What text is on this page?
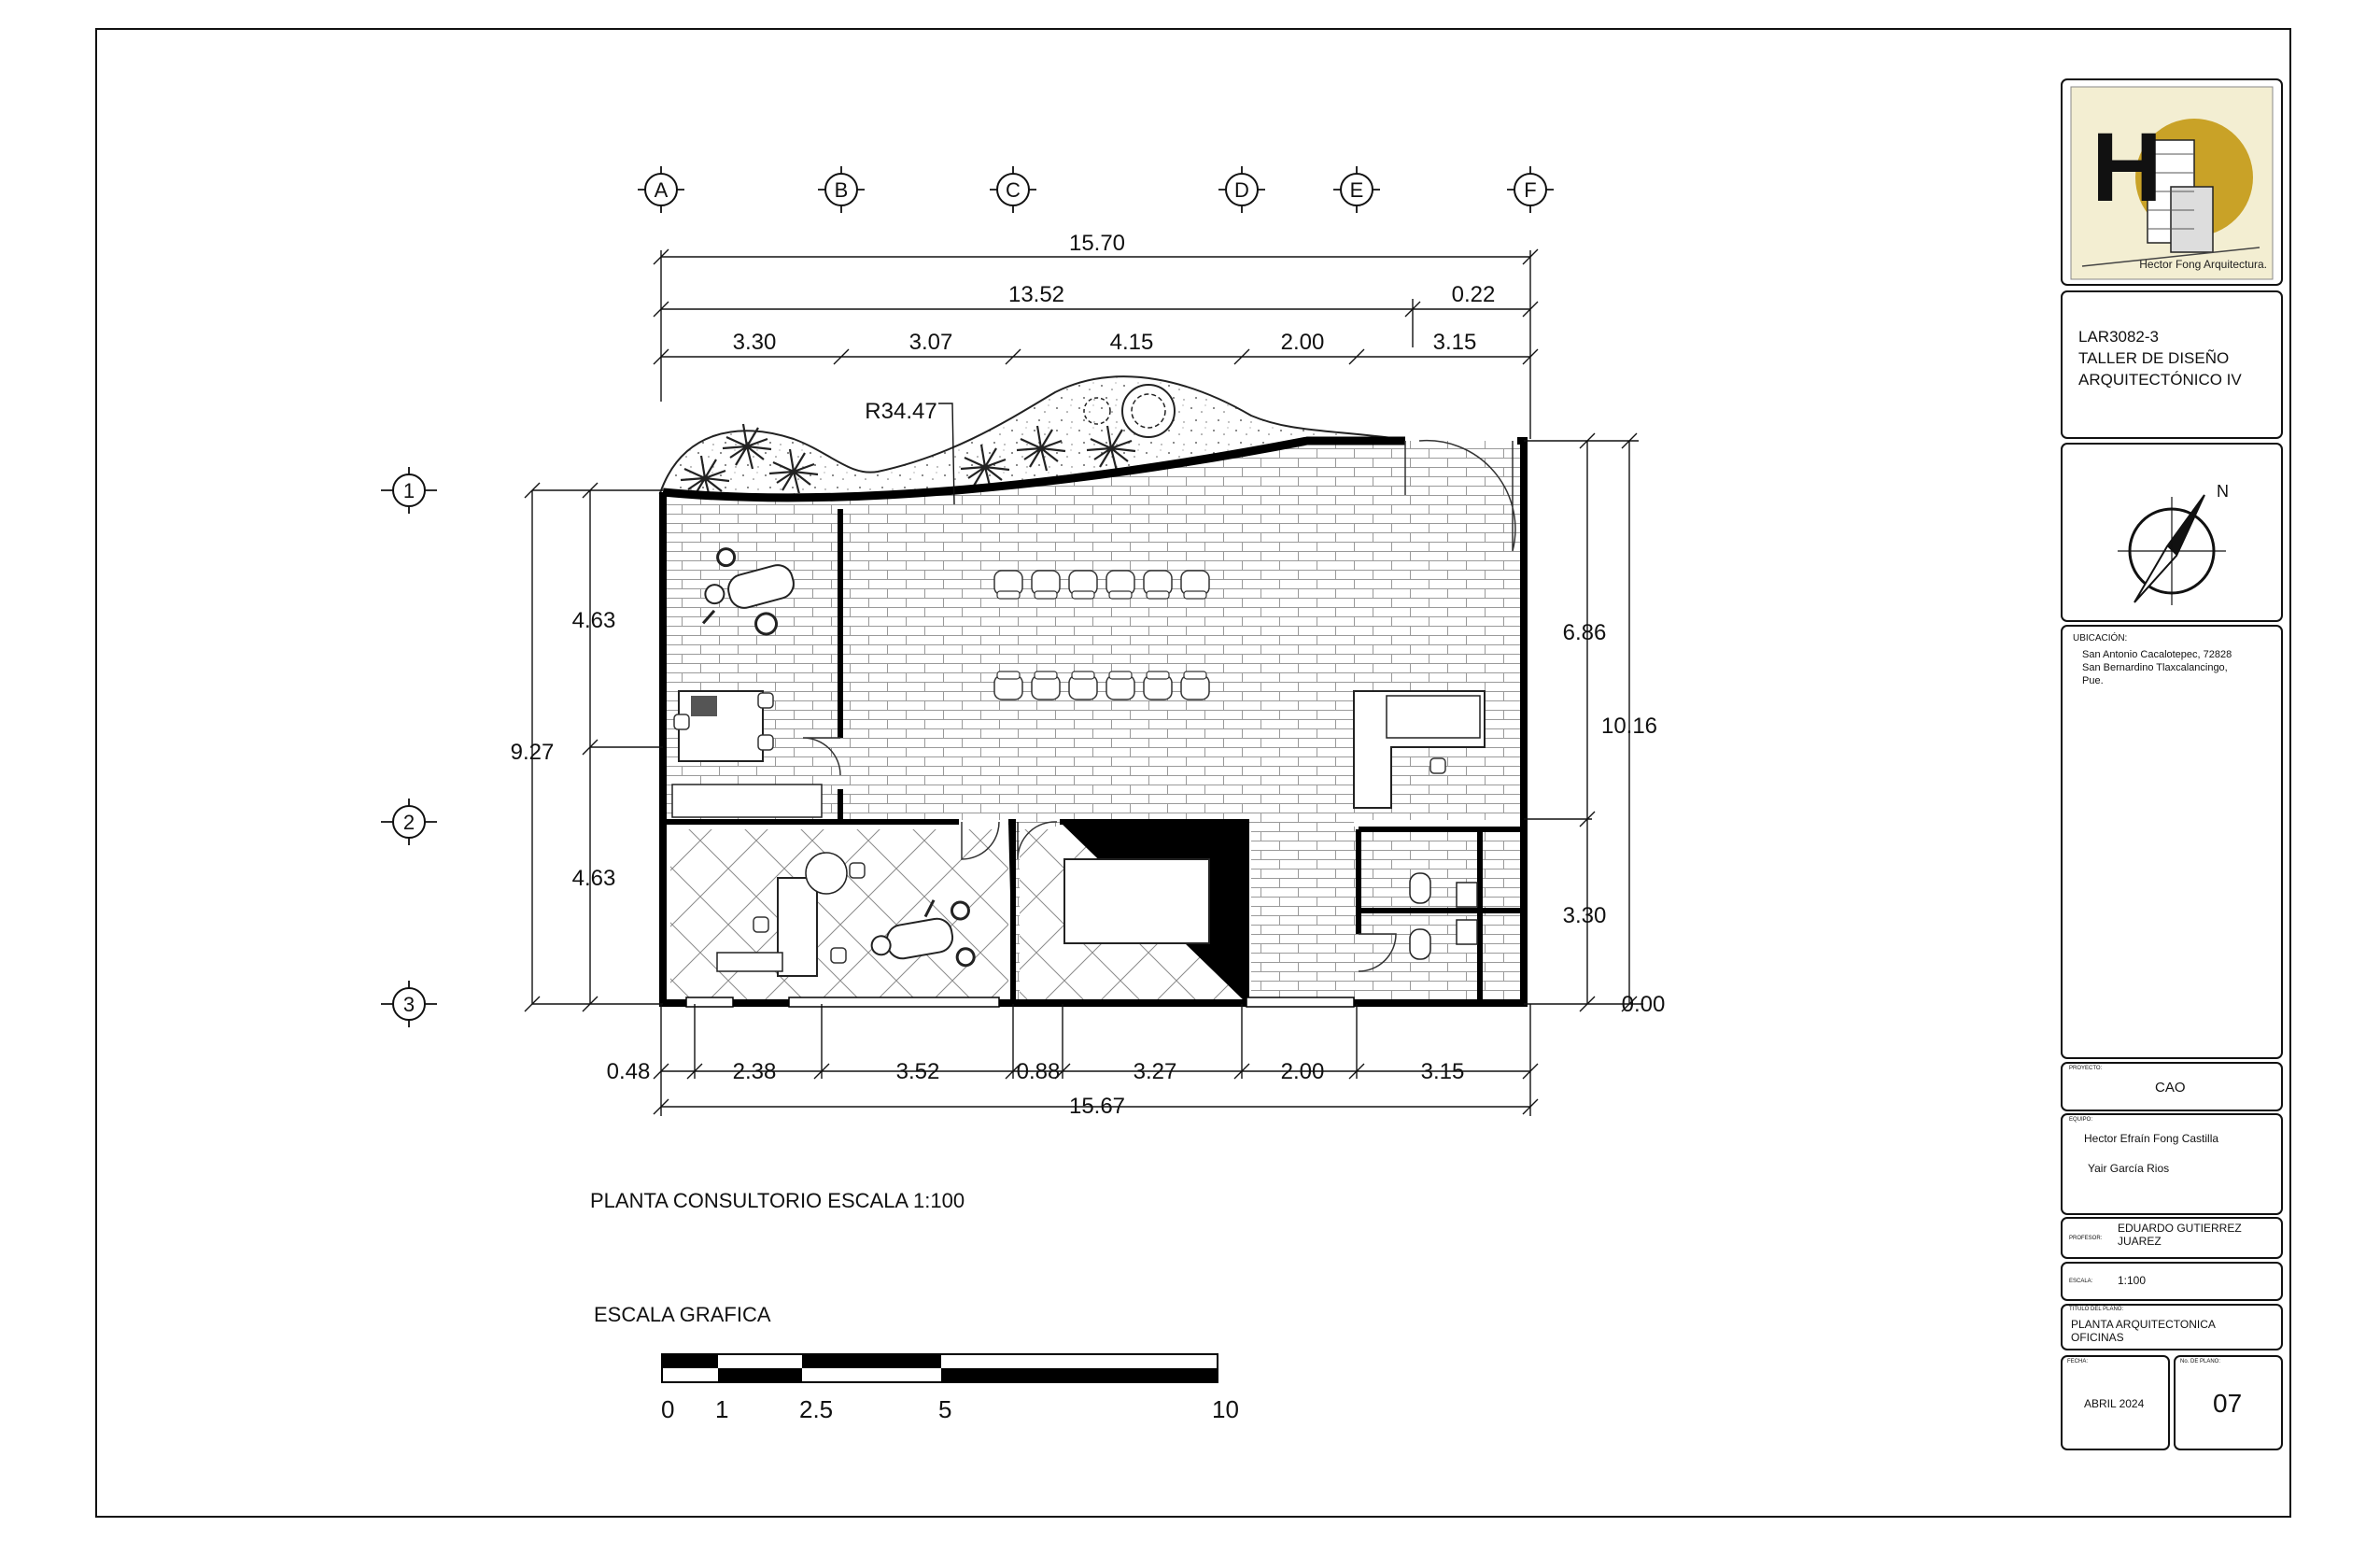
A	B	C	D	E	F
1
2
3
15.70
13.52	0.22
3.30	3.07	4.15	2.00	3.15
R34.47
9.27
4.63
4.63
6.86
10.16
3.30
0.00
0.48	2.38	3.52	0.88	3.27	2.00	3.15
15.67
PLANTA CONSULTORIO ESCALA 1:100
ESCALA GRAFICA
0 1	2.5	5	10
H
Hector Fong Arquitectura.
N
LAR3082-3
TALLER DE DISEÑO
ARQUITECTÓNICO IV
UBICACIÓN:
San Antonio Cacalotepec, 72828
San Bernardino Tlaxcalancingo,
Pue.
PROYECTO:
CAO
EQUIPO:
Hector Efraín Fong Castilla
Yair García Rios
PROFESOR:
EDUARDO GUTIERREZ
JUAREZ
ESCALA: 1:100
TÍTULO DEL PLANO:
PLANTA ARQUITECTONICA
OFICINAS
FECHA:
ABRIL 2024
No. DE PLANO:
07
